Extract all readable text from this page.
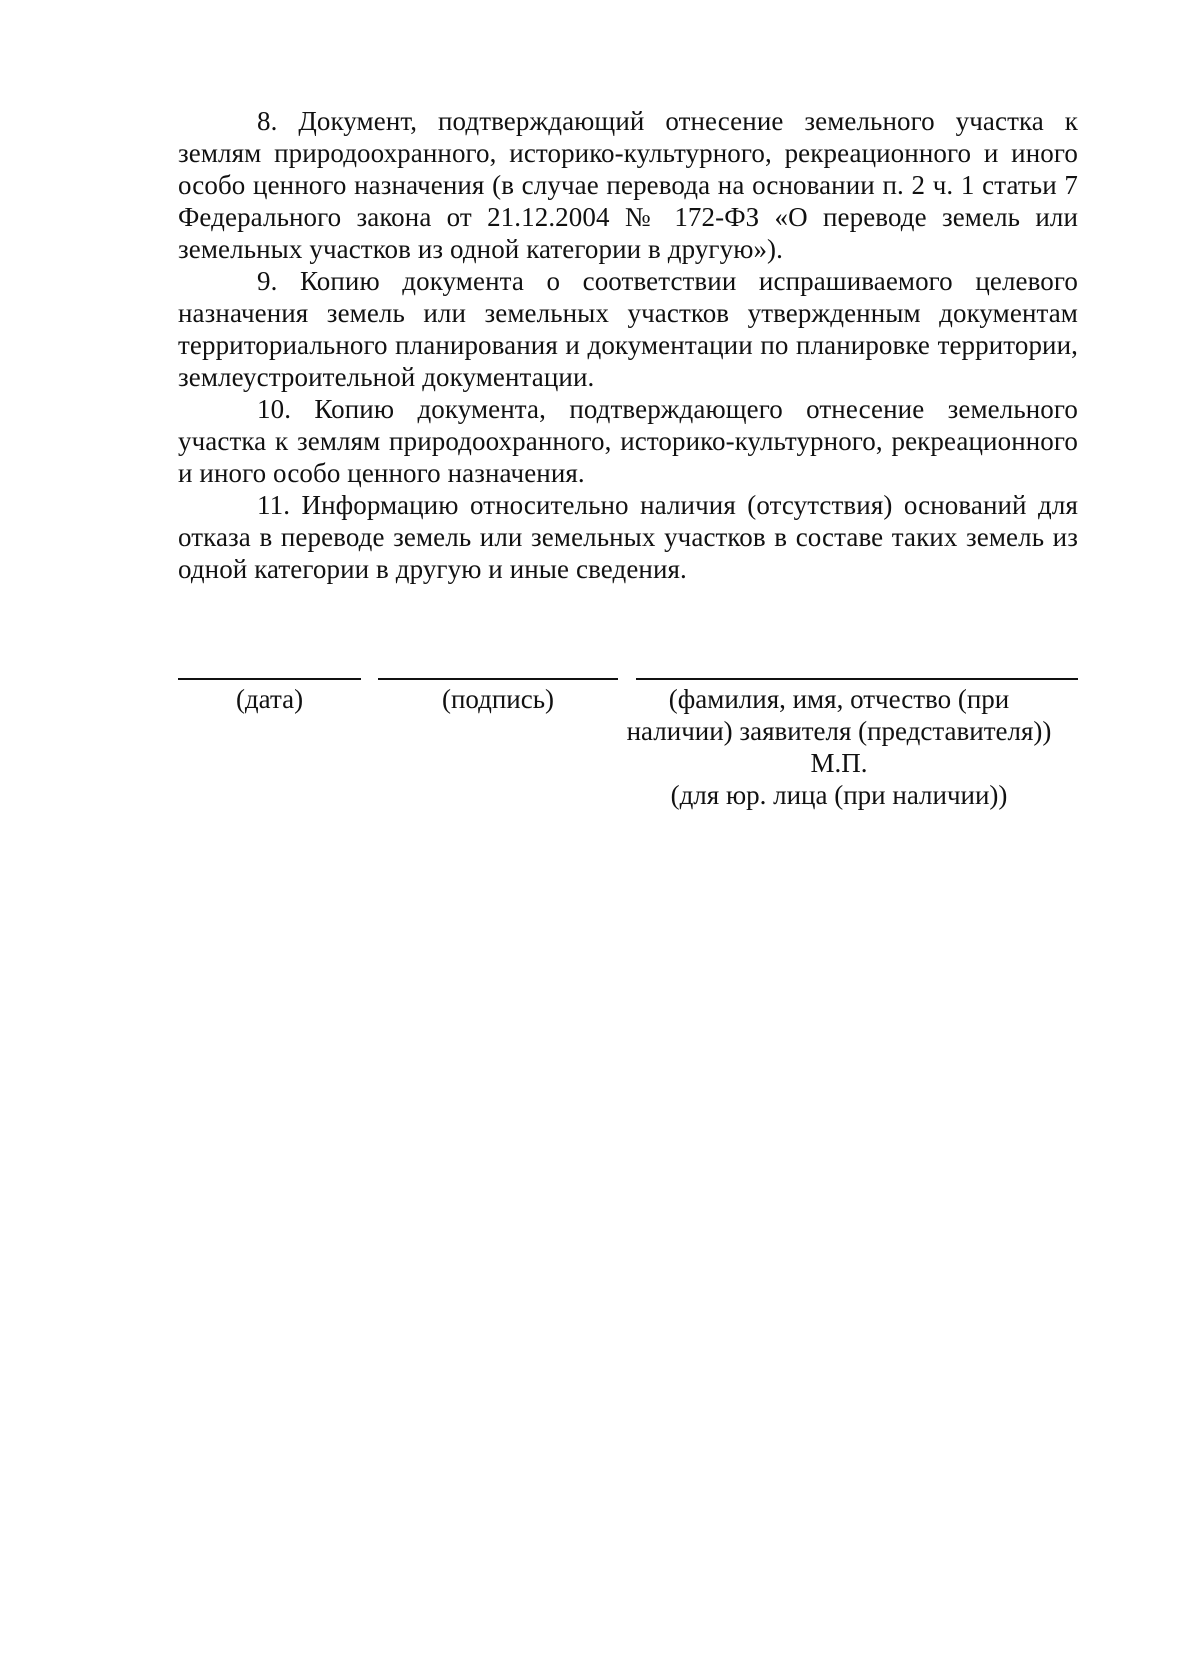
8. Документ, подтверждающий отнесение земельного участка к землям природоохранного, историко-культурного, рекреационного и иного особо ценного назначения (в случае перевода на основании п. 2 ч. 1 статьи 7 Федерального закона от 21.12.2004 № 172-ФЗ «О переводе земель или земельных участков из одной категории в другую»).

9. Копию документа о соответствии испрашиваемого целевого назначения земель или земельных участков утвержденным документам территориального планирования и документации по планировке территории, землеустроительной документации.

10. Копию документа, подтверждающего отнесение земельного участка к землям природоохранного, историко-культурного, рекреационного и иного особо ценного назначения.

11. Информацию относительно наличия (отсутствия) оснований для отказа в переводе земель или земельных участков в составе таких земель из одной категории в другую и иные сведения.

(дата)	(подпись)	(фамилия, имя, отчество (при
наличии) заявителя (представителя))
М.П.
(для юр. лица (при наличии))
